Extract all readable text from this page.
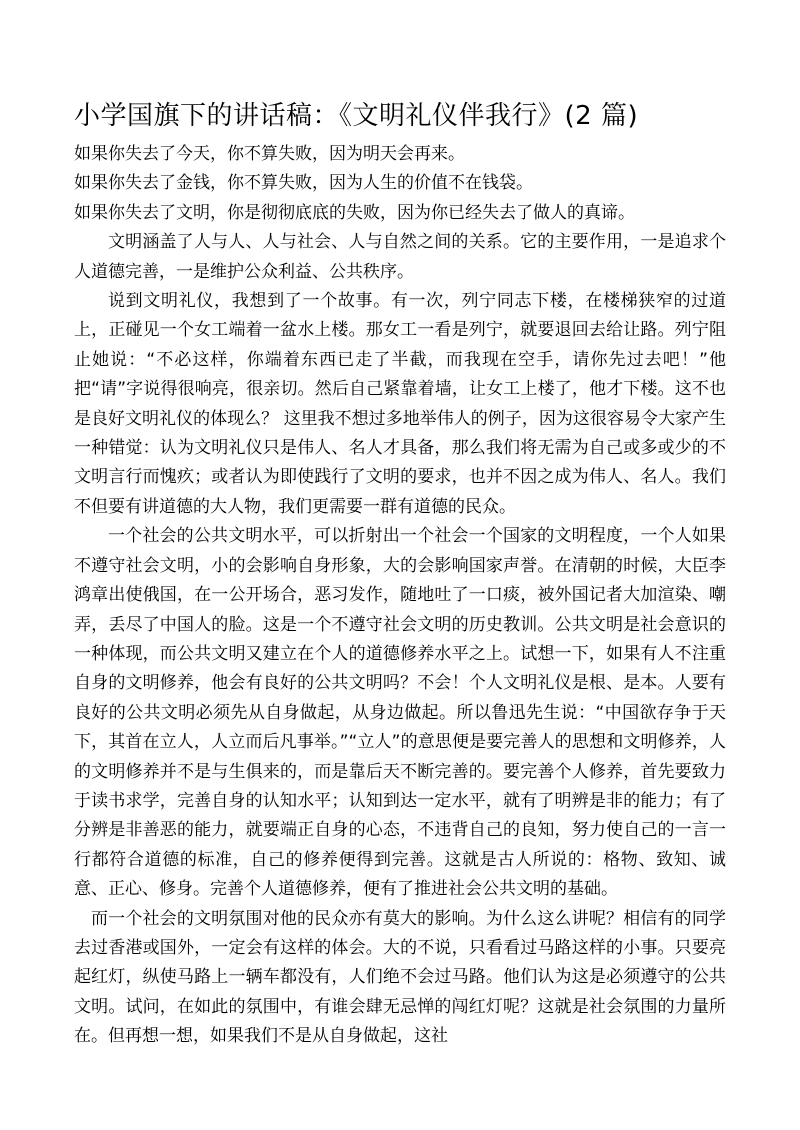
小学国旗下的讲话稿：《文明礼仪伴我行》(2 篇)

如果你失去了今天，你不算失败，因为明天会再来。

如果你失去了金钱，你不算失败，因为人生的价值不在钱袋。

如果你失去了文明，你是彻彻底底的失败，因为你已经失去了做人的真谛。

文明涵盖了人与人、人与社会、人与自然之间的关系。它的主要作用，一是追求个人道德完善，一是维护公众利益、公共秩序。

说到文明礼仪，我想到了一个故事。有一次，列宁同志下楼，在楼梯狭窄的过道上，正碰见一个女工端着一盆水上楼。那女工一看是列宁，就要退回去给让路。列宁阻止她说：“不必这样，你端着东西已走了半截，而我现在空手，请你先过去吧！”他把“请”字说得很响亮，很亲切。然后自己紧靠着墙，让女工上楼了，他才下楼。这不也是良好文明礼仪的体现么？ 这里我不想过多地举伟人的例子，因为这很容易令大家产生一种错觉：认为文明礼仪只是伟人、名人才具备，那么我们将无需为自己或多或少的不文明言行而愧疚；或者认为即使践行了文明的要求，也并不因之成为伟人、名人。我们不但要有讲道德的大人物，我们更需要一群有道德的民众。

一个社会的公共文明水平，可以折射出一个社会一个国家的文明程度，一个人如果不遵守社会文明，小的会影响自身形象，大的会影响国家声誉。在清朝的时候，大臣李鸿章出使俄国，在一公开场合，恶习发作，随地吐了一口痰，被外国记者大加渲染、嘲弄，丢尽了中国人的脸。这是一个不遵守社会文明的历史教训。公共文明是社会意识的一种体现，而公共文明又建立在个人的道德修养水平之上。试想一下，如果有人不注重自身的文明修养，他会有良好的公共文明吗？不会！个人文明礼仪是根、是本。人要有良好的公共文明必须先从自身做起，从身边做起。所以鲁迅先生说：“中国欲存争于天下，其首在立人，人立而后凡事举。”“立人”的意思便是要完善人的思想和文明修养，人的文明修养并不是与生俱来的，而是靠后天不断完善的。要完善个人修养，首先要致力于读书求学，完善自身的认知水平；认知到达一定水平，就有了明辨是非的能力；有了分辨是非善恶的能力，就要端正自身的心态，不违背自己的良知，努力使自己的一言一行都符合道德的标准，自己的修养便得到完善。这就是古人所说的：格物、致知、诚意、正心、修身。完善个人道德修养，便有了推进社会公共文明的基础。

而一个社会的文明氛围对他的民众亦有莫大的影响。为什么这么讲呢？相信有的同学去过香港或国外，一定会有这样的体会。大的不说，只看看过马路这样的小事。只要亮起红灯，纵使马路上一辆车都没有，人们绝不会过马路。他们认为这是必须遵守的公共文明。试问，在如此的氛围中，有谁会肆无忌惮的闯红灯呢？这就是社会氛围的力量所在。但再想一想，如果我们不是从自身做起，这社
